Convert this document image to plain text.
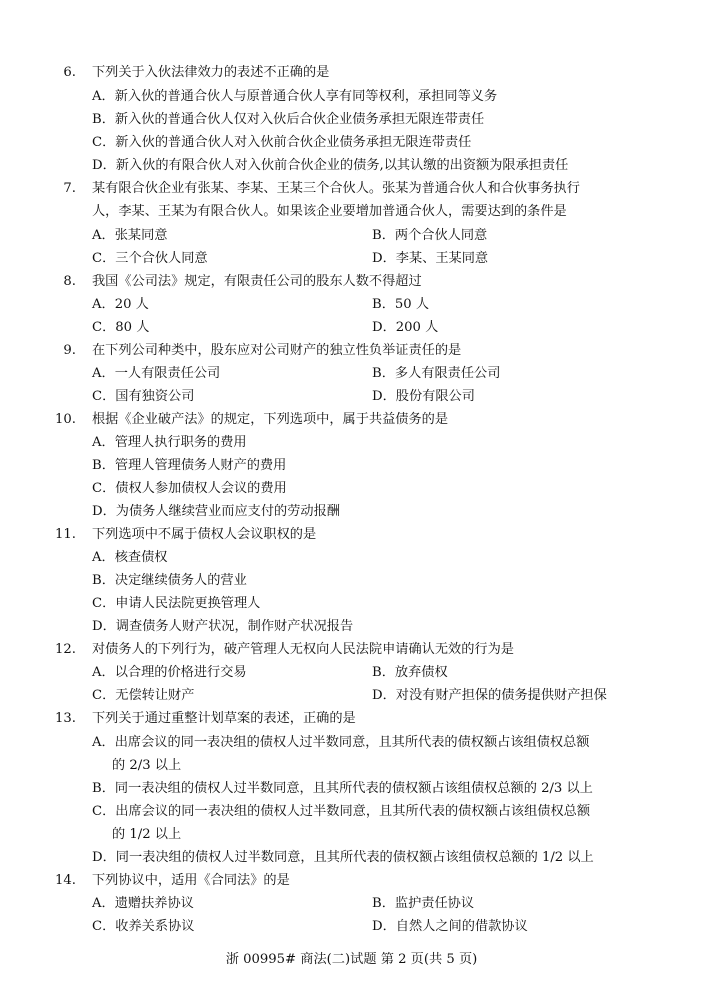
6. 下列关于入伙法律效力的表述不正确的是
A．新入伙的普通合伙人与原普通合伙人享有同等权利，承担同等义务
B．新入伙的普通合伙人仅对入伙后合伙企业债务承担无限连带责任
C．新入伙的普通合伙人对入伙前合伙企业债务承担无限连带责任
D．新入伙的有限合伙人对入伙前合伙企业的债务,以其认缴的出资额为限承担责任
7. 某有限合伙企业有张某、李某、王某三个合伙人。张某为普通合伙人和合伙事务执行
人，李某、王某为有限合伙人。如果该企业要增加普通合伙人，需要达到的条件是
A．张某同意	B．两个合伙人同意
C．三个合伙人同意	D．李某、王某同意
8. 我国《公司法》规定，有限责任公司的股东人数不得超过
A．20 人	B．50 人
C．80 人	D．200 人
9. 在下列公司种类中，股东应对公司财产的独立性负举证责任的是
A．一人有限责任公司	B．多人有限责任公司
C．国有独资公司	D．股份有限公司
10. 根据《企业破产法》的规定，下列选项中，属于共益债务的是
A．管理人执行职务的费用
B．管理人管理债务人财产的费用
C．债权人参加债权人会议的费用
D．为债务人继续营业而应支付的劳动报酬
11. 下列选项中不属于债权人会议职权的是
A．核查债权
B．决定继续债务人的营业
C．申请人民法院更换管理人
D．调查债务人财产状况，制作财产状况报告
12. 对债务人的下列行为，破产管理人无权向人民法院申请确认无效的行为是
A．以合理的价格进行交易	B．放弃债权
C．无偿转让财产	D．对没有财产担保的债务提供财产担保
13. 下列关于通过重整计划草案的表述，正确的是
A．出席会议的同一表决组的债权人过半数同意，且其所代表的债权额占该组债权总额
的 2/3 以上
B．同一表决组的债权人过半数同意，且其所代表的债权额占该组债权总额的 2/3 以上
C．出席会议的同一表决组的债权人过半数同意，且其所代表的债权额占该组债权总额
的 1/2 以上
D．同一表决组的债权人过半数同意，且其所代表的债权额占该组债权总额的 1/2 以上
14. 下列协议中，适用《合同法》的是
A．遗赠扶养协议	B．监护责任协议
C．收养关系协议	D．自然人之间的借款协议
浙 00995# 商法(二)试题 第 2 页(共 5 页)
